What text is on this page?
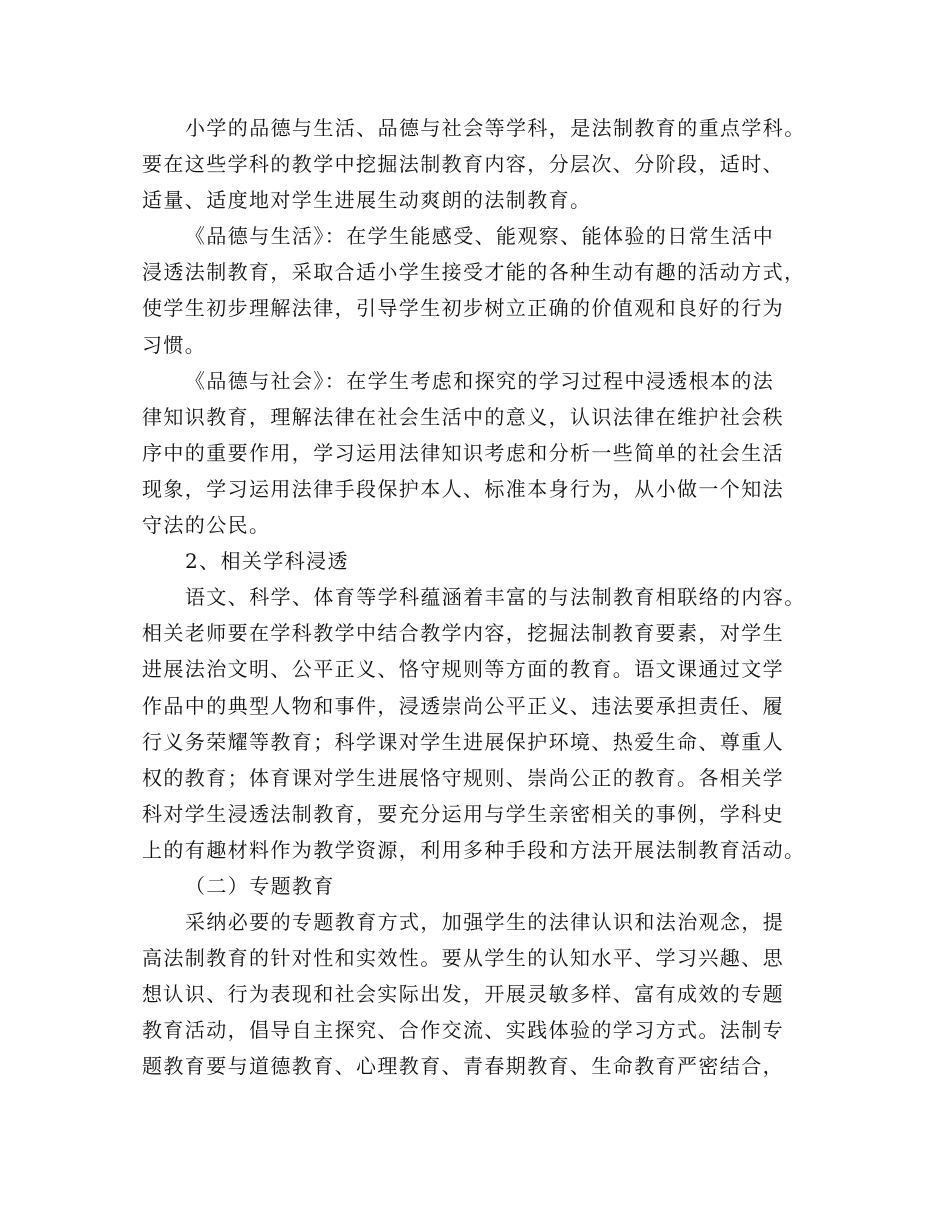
小学的品德与生活、品德与社会等学科，是法制教育的重点学科。
要在这些学科的教学中挖掘法制教育内容，分层次、分阶段，适时、
适量、适度地对学生进展生动爽朗的法制教育。
《品德与生活》：在学生能感受、能观察、能体验的日常生活中
浸透法制教育，采取合适小学生接受才能的各种生动有趣的活动方式，
使学生初步理解法律，引导学生初步树立正确的价值观和良好的行为
习惯。
《品德与社会》：在学生考虑和探究的学习过程中浸透根本的法
律知识教育，理解法律在社会生活中的意义，认识法律在维护社会秩
序中的重要作用，学习运用法律知识考虑和分析一些简单的社会生活
现象，学习运用法律手段保护本人、标准本身行为，从小做一个知法
守法的公民。
2、相关学科浸透
语文、科学、体育等学科蕴涵着丰富的与法制教育相联络的内容。
相关老师要在学科教学中结合教学内容，挖掘法制教育要素，对学生
进展法治文明、公平正义、恪守规则等方面的教育。语文课通过文学
作品中的典型人物和事件，浸透崇尚公平正义、违法要承担责任、履
行义务荣耀等教育；科学课对学生进展保护环境、热爱生命、尊重人
权的教育；体育课对学生进展恪守规则、崇尚公正的教育。各相关学
科对学生浸透法制教育，要充分运用与学生亲密相关的事例，学科史
上的有趣材料作为教学资源，利用多种手段和方法开展法制教育活动。
（二）专题教育
采纳必要的专题教育方式，加强学生的法律认识和法治观念，提
高法制教育的针对性和实效性。要从学生的认知水平、学习兴趣、思
想认识、行为表现和社会实际出发，开展灵敏多样、富有成效的专题
教育活动，倡导自主探究、合作交流、实践体验的学习方式。法制专
题教育要与道德教育、心理教育、青春期教育、生命教育严密结合，
